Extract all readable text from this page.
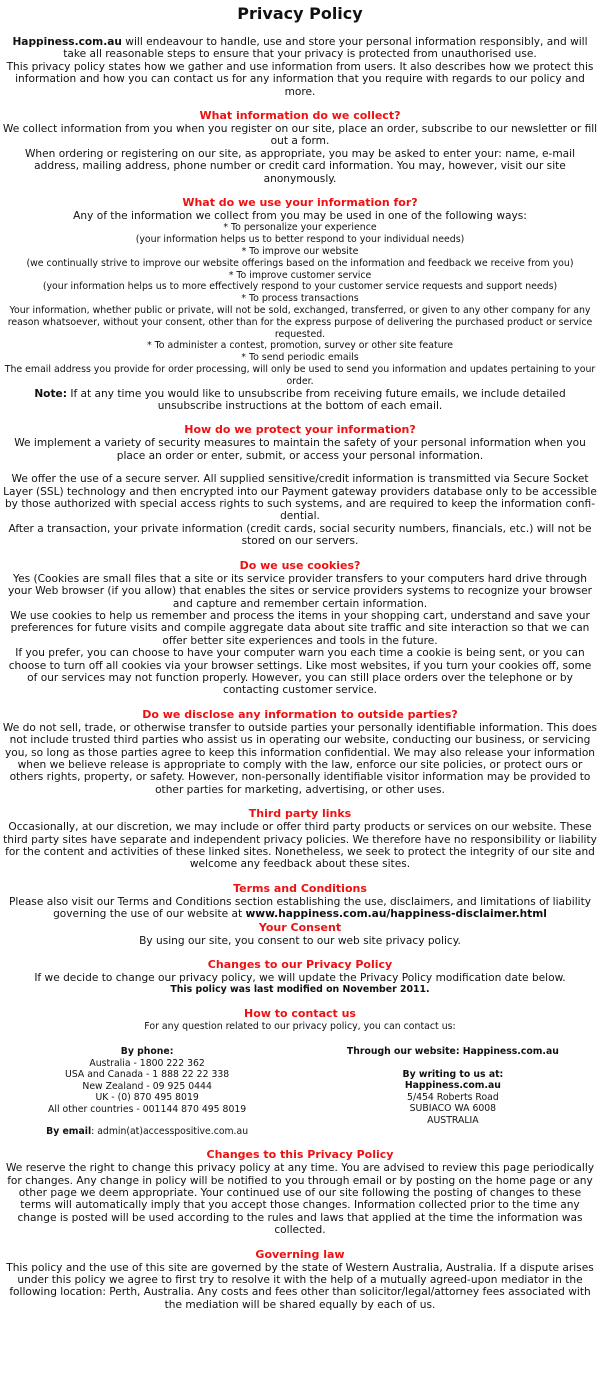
Privacy Policy

Happiness.com.au will endeavour to handle, use and store your personal information responsibly, and will take all reasonable steps to ensure that your privacy is protected from unauthorised use.

This privacy policy states how we gather and use information from users. It also describes how we protect this information and how you can contact us for any information that you require with regards to our policy and more.

What information do we collect?

We collect information from you when you register on our site, place an order, subscribe to our newsletter or fill out a form.

When ordering or registering on our site, as appropriate, you may be asked to enter your: name, e-mail address, mailing address, phone number or credit card information. You may, however, visit our site anonymously.

What do we use your information for?

Any of the information we collect from you may be used in one of the following ways:

* To personalize your experience

(your information helps us to better respond to your individual needs)

* To improve our website

(we continually strive to improve our website offerings based on the information and feedback we receive from you)

* To improve customer service

(your information helps us to more effectively respond to your customer service requests and support needs)

* To process transactions

Your information, whether public or private, will not be sold, exchanged, transferred, or given to any other company for any reason whatsoever, without your consent, other than for the express purpose of delivering the purchased product or service requested.

* To administer a contest, promotion, survey or other site feature

* To send periodic emails

The email address you provide for order processing, will only be used to send you information and updates pertaining to your order.

Note: If at any time you would like to unsubscribe from receiving future emails, we include detailed unsubscribe instructions at the bottom of each email.

How do we protect your information?

We implement a variety of security measures to maintain the safety of your personal information when you place an order or enter, submit, or access your personal information.

We offer the use of a secure server. All supplied sensitive/credit information is transmitted via Secure Socket Layer (SSL) technology and then encrypted into our Payment gateway providers database only to be accessible by those authorized with special access rights to such systems, and are required to keep the information confi-dential.

After a transaction, your private information (credit cards, social security numbers, financials, etc.) will not be stored on our servers.

Do we use cookies?

Yes (Cookies are small files that a site or its service provider transfers to your computers hard drive through your Web browser (if you allow) that enables the sites or service providers systems to recognize your browser and capture and remember certain information.

We use cookies to help us remember and process the items in your shopping cart, understand and save your preferences for future visits and compile aggregate data about site traffic and site interaction so that we can offer better site experiences and tools in the future.

If you prefer, you can choose to have your computer warn you each time a cookie is being sent, or you can choose to turn off all cookies via your browser settings. Like most websites, if you turn your cookies off, some of our services may not function properly. However, you can still place orders over the telephone or by contacting customer service.

Do we disclose any information to outside parties?

We do not sell, trade, or otherwise transfer to outside parties your personally identifiable information. This does not include trusted third parties who assist us in operating our website, conducting our business, or servicing you, so long as those parties agree to keep this information confidential. We may also release your information when we believe release is appropriate to comply with the law, enforce our site policies, or protect ours or others rights, property, or safety. However, non-personally identifiable visitor information may be provided to other parties for marketing, advertising, or other uses.

Third party links

Occasionally, at our discretion, we may include or offer third party products or services on our website. These third party sites have separate and independent privacy policies. We therefore have no responsibility or liability for the content and activities of these linked sites. Nonetheless, we seek to protect the integrity of our site and welcome any feedback about these sites.

Terms and Conditions

Please also visit our Terms and Conditions section establishing the use, disclaimers, and limitations of liability governing the use of our website at www.happiness.com.au/happiness-disclaimer.html

Your Consent

By using our site, you consent to our web site privacy policy.

Changes to our Privacy Policy

If we decide to change our privacy policy, we will update the Privacy Policy modification date below.

This policy was last modified on November 2011.

How to contact us

For any question related to our privacy policy, you can contact us:

By phone:
Australia - 1800 222 362
USA and Canada - 1 888 22 22 338
New Zealand - 09 925 0444
UK - (0) 870 495 8019
All other countries - 001144 870 495 8019
By email: admin(at)accesspositive.com.au
Through our website: Happiness.com.au
By writing to us at:
Happiness.com.au
5/454 Roberts Road
SUBIACO WA 6008
AUSTRALIA
Changes to this Privacy Policy

We reserve the right to change this privacy policy at any time. You are advised to review this page periodically for changes. Any change in policy will be notified to you through email or by posting on the home page or any other page we deem appropriate. Your continued use of our site following the posting of changes to these terms will automatically imply that you accept those changes. Information collected prior to the time any change is posted will be used according to the rules and laws that applied at the time the information was collected.

Governing law

This policy and the use of this site are governed by the state of Western Australia, Australia. If a dispute arises under this policy we agree to first try to resolve it with the help of a mutually agreed-upon mediator in the following location: Perth, Australia. Any costs and fees other than solicitor/legal/attorney fees associated with the mediation will be shared equally by each of us.
